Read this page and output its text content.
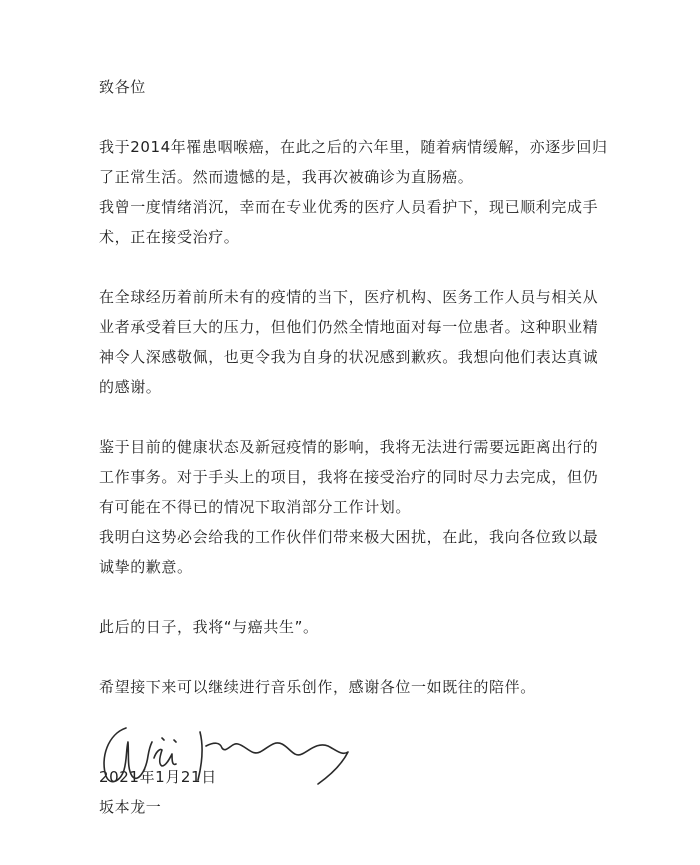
致各位
我于2014年罹患咽喉癌，在此之后的六年里，随着病情缓解，亦逐步回归
了正常生活。然而遗憾的是，我再次被确诊为直肠癌。
我曾一度情绪消沉，幸而在专业优秀的医疗人员看护下，现已顺利完成手
术，正在接受治疗。
在全球经历着前所未有的疫情的当下，医疗机构、医务工作人员与相关从
业者承受着巨大的压力，但他们仍然全情地面对每一位患者。这种职业精
神令人深感敬佩，也更令我为自身的状况感到歉疚。我想向他们表达真诚
的感谢。
鉴于目前的健康状态及新冠疫情的影响，我将无法进行需要远距离出行的
工作事务。对于手头上的项目，我将在接受治疗的同时尽力去完成，但仍
有可能在不得已的情况下取消部分工作计划。
我明白这势必会给我的工作伙伴们带来极大困扰，在此，我向各位致以最
诚挚的歉意。
此后的日子，我将“与癌共生”。
希望接下来可以继续进行音乐创作，感谢各位一如既往的陪伴。
2021年1月21日
坂本龙一
